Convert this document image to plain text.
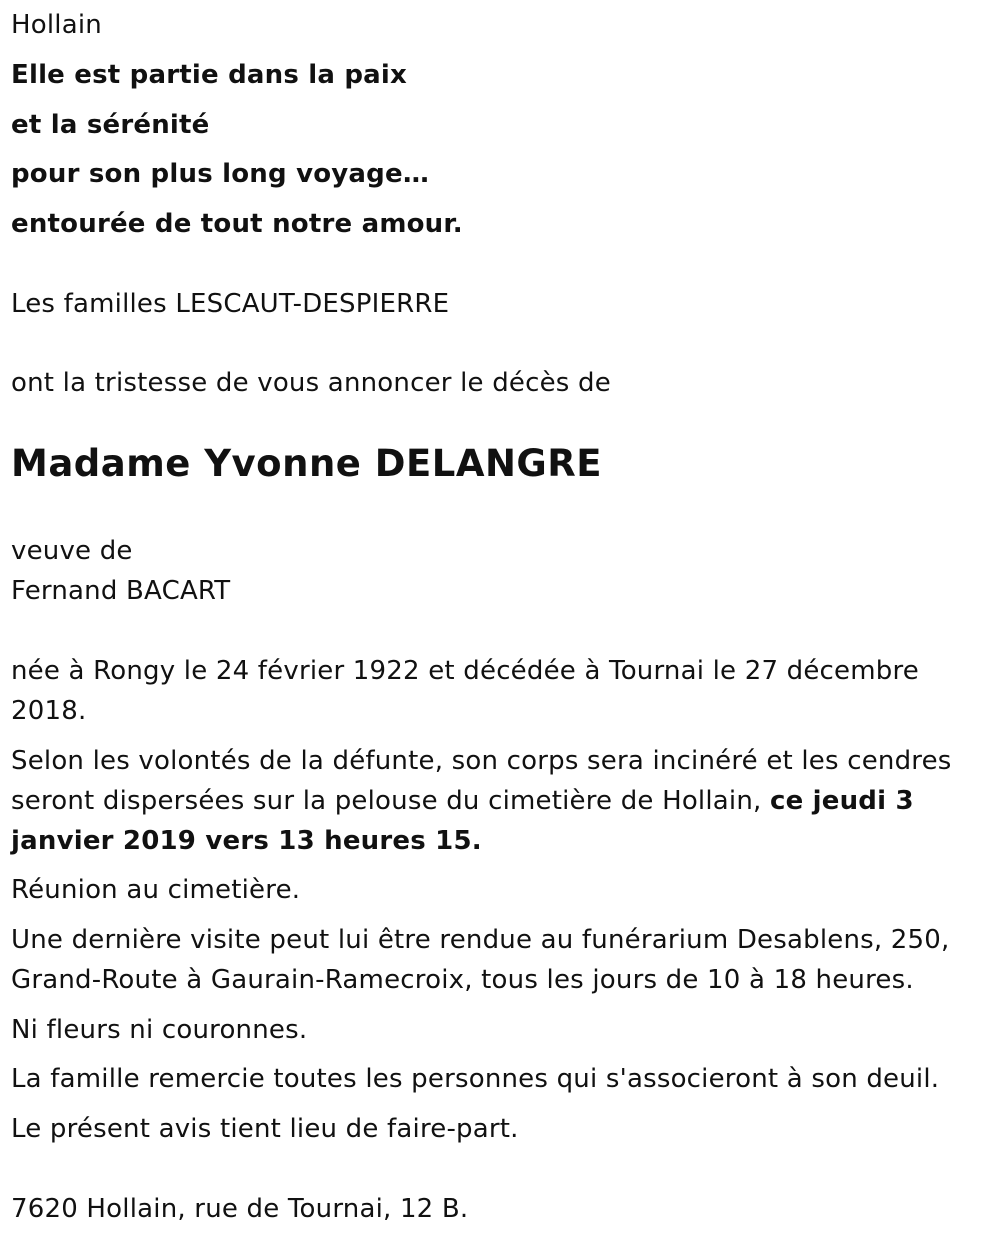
Hollain
Elle est partie dans la paix
et la sérénité
pour son plus long voyage…
entourée de tout notre amour.
Les familles LESCAUT-DESPIERRE
ont la tristesse de vous annoncer le décès de
Madame Yvonne DELANGRE
veuve de
Fernand BACART
née à Rongy le 24 février 1922 et décédée à Tournai le 27 décembre
2018.
Selon les volontés de la défunte, son corps sera incinéré et les cendres
seront dispersées sur la pelouse du cimetière de Hollain, ce jeudi 3
janvier 2019 vers 13 heures 15.
Réunion au cimetière.
Une dernière visite peut lui être rendue au funérarium Desablens, 250,
Grand-Route à Gaurain-Ramecroix, tous les jours de 10 à 18 heures.
Ni fleurs ni couronnes.
La famille remercie toutes les personnes qui s'associeront à son deuil.
Le présent avis tient lieu de faire-part.
7620 Hollain, rue de Tournai, 12 B.
